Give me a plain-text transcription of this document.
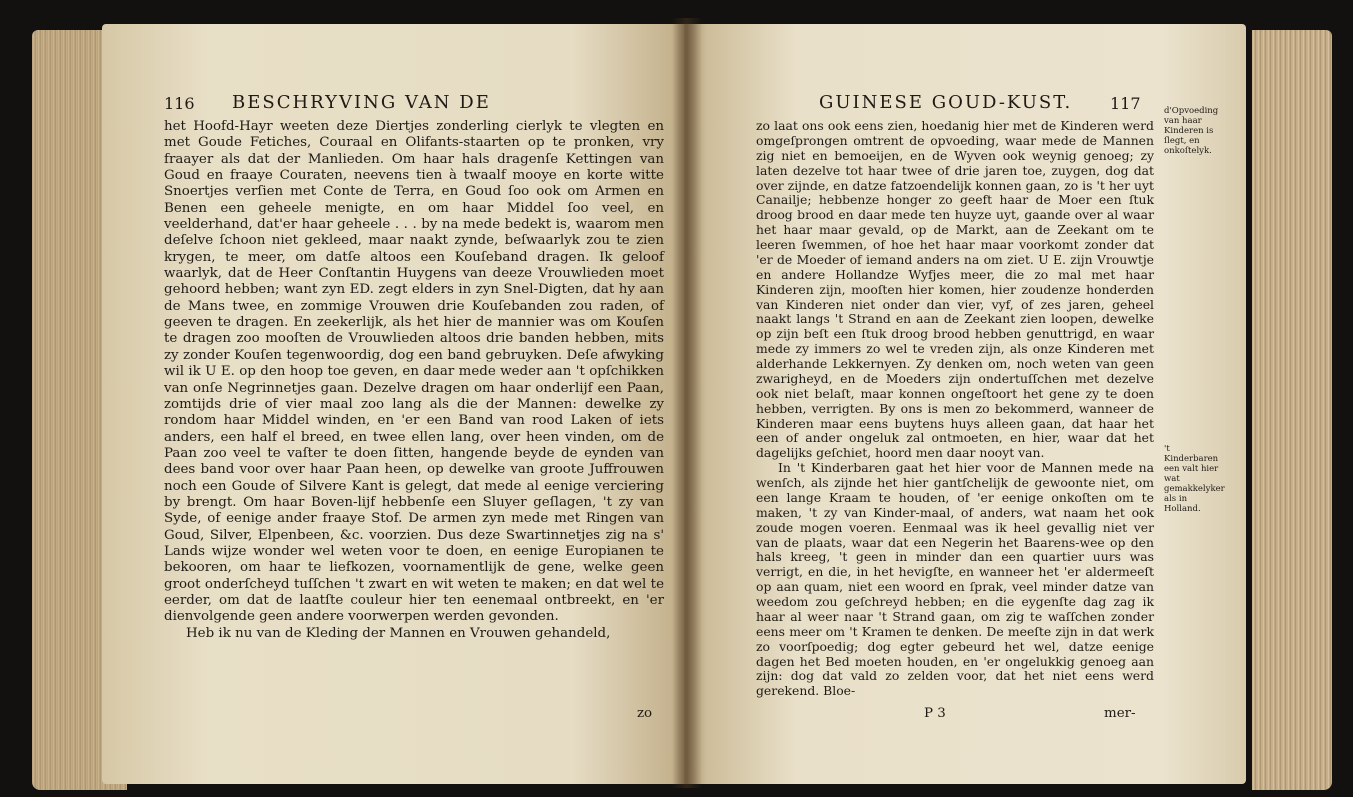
116 BESCHRYVING VAN DE

het Hoofd-Hayr weeten deze Diertjes zonderling cierlyk te vlegten en met Goude Fetiches, Couraal en Olifants-staarten op te pronken, vry fraayer als dat der Manlieden. Om haar hals dragenſe Kettingen van Goud en fraaye Couraten, neevens tien à twaalf mooye en korte witte Snoertjes verſien met Conte de Terra, en Goud ſoo ook om Armen en Benen een geheele menigte, en om haar Middel ſoo veel, en veelderhand, dat'er haar geheele . . . by na mede bedekt is, waarom men deſelve ſchoon niet gekleed, maar naakt zynde, beſwaarlyk zou te zien krygen, te meer, om datſe altoos een Kouſeband dragen. Ik geloof waarlyk, dat de Heer Conſtantin Huygens van deeze Vrouwlieden moet gehoord hebben; want zyn ED. zegt elders in zyn Snel-Digten, dat hy aan de Mans twee, en zommige Vrouwen drie Kouſebanden zou raden, of geeven te dragen. En zeekerlijk, als het hier de mannier was om Kouſen te dragen zoo mooſten de Vrouwlieden altoos drie banden hebben, mits zy zonder Kouſen tegenwoordig, dog een band gebruyken. Deſe afwyking wil ik U E. op den hoop toe geven, en daar mede weder aan 't opſchikken van onſe Negrinnetjes gaan. Dezelve dragen om haar onderlijf een Paan, zomtijds drie of vier maal zoo lang als die der Mannen: dewelke zy rondom haar Middel winden, en 'er een Band van rood Laken of iets anders, een half el breed, en twee ellen lang, over heen vinden, om de Paan zoo veel te vaſter te doen ſitten, hangende beyde de eynden van dees band voor over haar Paan heen, op dewelke van groote Juffrouwen noch een Goude of Silvere Kant is gelegt, dat mede al eenige verciering by brengt. Om haar Boven-lijf hebbenſe een Sluyer geſlagen, 't zy van Syde, of eenige ander fraaye Stof. De armen zyn mede met Ringen van Goud, Silver, Elpenbeen, &c. voorzien. Dus deze Swartinnetjes zig na s' Lands wijze wonder wel weten voor te doen, en eenige Europianen te bekooren, om haar te liefkozen, voornamentlijk de gene, welke geen groot onderſcheyd tuſſchen 't zwart en wit weten te maken; en dat wel te eerder, om dat de laatſte couleur hier ten eenemaal ontbreekt, en 'er dienvolgende geen andere voorwerpen werden gevonden.

Heb ik nu van de Kleding der Mannen en Vrouwen gehandeld,

zo
GUINESE GOUD-KUST. 117

zo laat ons ook eens zien, hoedanig hier met de Kinderen werd omgeſprongen omtrent de opvoeding, waar mede de Mannen zig niet en bemoeijen, en de Wyven ook weynig genoeg; zy laten dezelve tot haar twee of drie jaren toe, zuygen, dog dat over zijnde, en datze fatzoendelijk konnen gaan, zo is 't her uyt Canailje; hebbenze honger zo geeft haar de Moer een ſtuk droog brood en daar mede ten huyze uyt, gaande over al waar het haar maar gevald, op de Markt, aan de Zeekant om te leeren ſwemmen, of hoe het haar maar voorkomt zonder dat 'er de Moeder of iemand anders na om ziet. U E. zijn Vrouwtje en andere Hollandze Wyfjes meer, die zo mal met haar Kinderen zijn, mooſten hier komen, hier zoudenze honderden van Kinderen niet onder dan vier, vyf, of zes jaren, geheel naakt langs 't Strand en aan de Zeekant zien loopen, dewelke op zijn beſt een ſtuk droog brood hebben genuttrigd, en waar mede zy immers zo wel te vreden zijn, als onze Kinderen met alderhande Lekkernyen. Zy denken om, noch weten van geen zwarigheyd, en de Moeders zijn ondertuſſchen met dezelve ook niet belaſt, maar konnen ongeſtoort het gene zy te doen hebben, verrigten. By ons is men zo bekommerd, wanneer de Kinderen maar eens buytens huys alleen gaan, dat haar het een of ander ongeluk zal ontmoeten, en hier, waar dat het dagelijks geſchiet, hoord men daar nooyt van.

In 't Kinderbaren gaat het hier voor de Mannen mede na wenſch, als zijnde het hier gantſchelijk de gewoonte niet, om een lange Kraam te houden, of 'er eenige onkoſten om te maken, 't zy van Kinder-maal, of anders, wat naam het ook zoude mogen voeren. Eenmaal was ik heel gevallig niet ver van de plaats, waar dat een Negerin het Baarens-wee op den hals kreeg, 't geen in minder dan een quartier uurs was verrigt, en die, in het hevigſte, en wanneer het 'er aldermeeſt op aan quam, niet een woord en ſprak, veel minder datze van weedom zou geſchreyd hebben; en die eygenſte dag zag ik haar al weer naar 't Strand gaan, om zig te waſſchen zonder eens meer om 't Kramen te denken. De meeſte zijn in dat werk zo voorſpoedig; dog egter gebeurd het wel, datze eenige dagen het Bed moeten houden, en 'er ongelukkig genoeg aan zijn: dog dat vald zo zelden voor, dat het niet eens werd gerekend. Bloe-

d'Opvoeding van haar Kinderen is ſlegt, en onkoſtelyk.
't Kinderbaren een valt hier wat gemakkelyker als in Holland.
P 3	mer-
